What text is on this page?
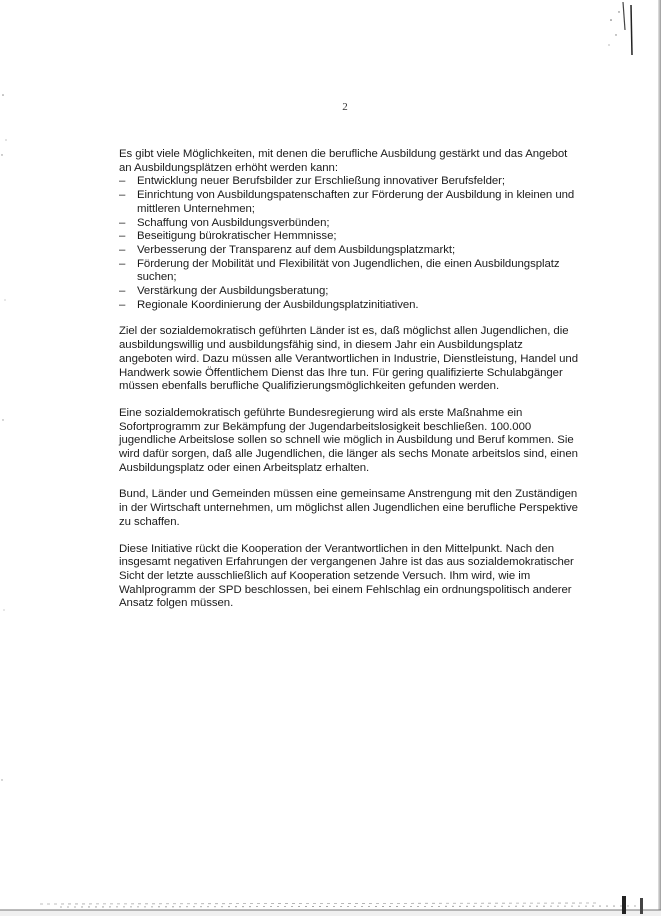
2

Es gibt viele Möglichkeiten, mit denen die berufliche Ausbildung gestärkt und das Angebot an Ausbildungsplätzen erhöht werden kann:

– Entwicklung neuer Berufsbilder zur Erschließung innovativer Berufsfelder;
– Einrichtung von Ausbildungspatenschaften zur Förderung der Ausbildung in kleinen und mittleren Unternehmen;
– Schaffung von Ausbildungsverbünden;
– Beseitigung bürokratischer Hemmnisse;
– Verbesserung der Transparenz auf dem Ausbildungsplatzmarkt;
– Förderung der Mobilität und Flexibilität von Jugendlichen, die einen Ausbildungsplatz suchen;
– Verstärkung der Ausbildungsberatung;
– Regionale Koordinierung der Ausbildungsplatzinitiativen.

Ziel der sozialdemokratisch geführten Länder ist es, daß möglichst allen Jugendlichen, die ausbildungswillig und ausbildungsfähig sind, in diesem Jahr ein Ausbildungsplatz angeboten wird. Dazu müssen alle Verantwortlichen in Industrie, Dienstleistung, Handel und Handwerk sowie Öffentlichem Dienst das Ihre tun. Für gering qualifizierte Schulabgänger müssen ebenfalls berufliche Qualifizierungsmöglichkeiten gefunden werden.

Eine sozialdemokratisch geführte Bundesregierung wird als erste Maßnahme ein Sofortprogramm zur Bekämpfung der Jugendarbeitslosigkeit beschließen. 100.000 jugendliche Arbeitslose sollen so schnell wie möglich in Ausbildung und Beruf kommen. Sie wird dafür sorgen, daß alle Jugendlichen, die länger als sechs Monate arbeitslos sind, einen Ausbildungsplatz oder einen Arbeitsplatz erhalten.

Bund, Länder und Gemeinden müssen eine gemeinsame Anstrengung mit den Zuständigen in der Wirtschaft unternehmen, um möglichst allen Jugendlichen eine berufliche Perspektive zu schaffen.

Diese Initiative rückt die Kooperation der Verantwortlichen in den Mittelpunkt. Nach den insgesamt negativen Erfahrungen der vergangenen Jahre ist das aus sozialdemokratischer Sicht der letzte ausschließlich auf Kooperation setzende Versuch. Ihm wird, wie im Wahlprogramm der SPD beschlossen, bei einem Fehlschlag ein ordnungspolitisch anderer Ansatz folgen müssen.
